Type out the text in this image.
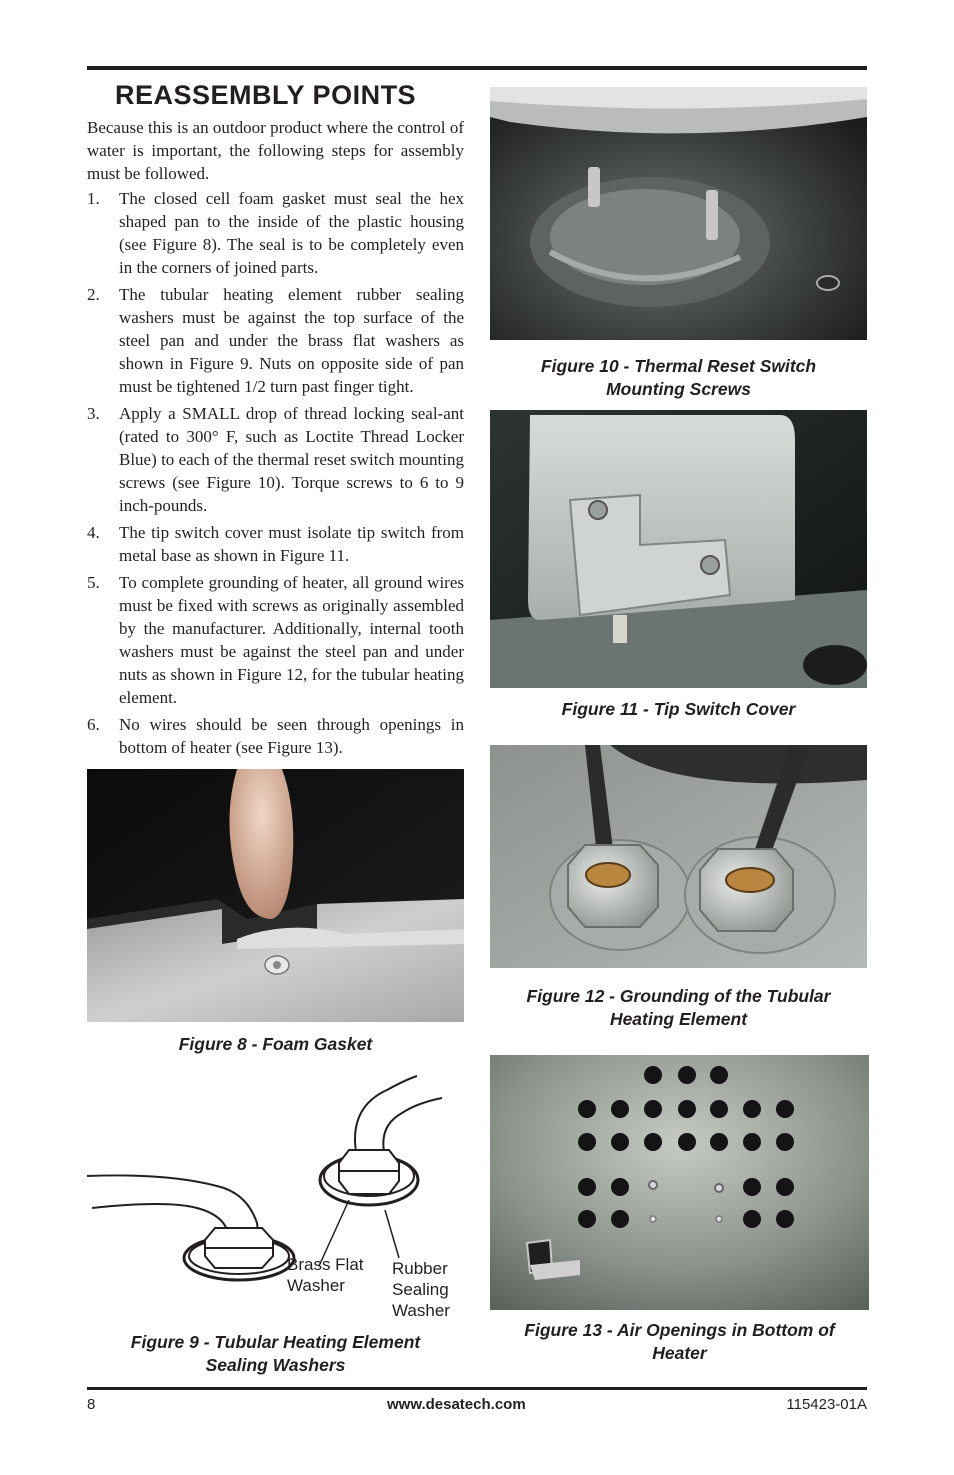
REASSEMBLY POINTS

Because this is an outdoor product where the control of water is important, the following steps for assembly must be followed.

1. The closed cell foam gasket must seal the hex shaped pan to the inside of the plastic housing (see Figure 8). The seal is to be completely even in the corners of joined parts.
2. The tubular heating element rubber sealing washers must be against the top surface of the steel pan and under the brass flat washers as shown in Figure 9. Nuts on opposite side of pan must be tightened 1/2 turn past finger tight.
3. Apply a SMALL drop of thread locking seal-ant (rated to 300° F, such as Loctite Thread Locker Blue) to each of the thermal reset switch mounting screws (see Figure 10). Torque screws to 6 to 9 inch-pounds.
4. The tip switch cover must isolate tip switch from metal base as shown in Figure 11.
5. To complete grounding of heater, all ground wires must be fixed with screws as originally assembled by the manufacturer. Additionally, internal tooth washers must be against the steel pan and under nuts as shown in Figure 12, for the tubular heating element.
6. No wires should be seen through openings in bottom of heater (see Figure 13).

Figure 8 - Foam Gasket

Brass Flat
Washer

Rubber
Sealing
Washer

Figure 9 - Tubular Heating Element
Sealing Washers

Figure 10 - Thermal Reset Switch
Mounting Screws

Figure 11 - Tip Switch Cover

Figure 12 - Grounding of the Tubular
Heating Element

Figure 13 - Air Openings in Bottom of
Heater

8	www.desatech.com	115423-01A
